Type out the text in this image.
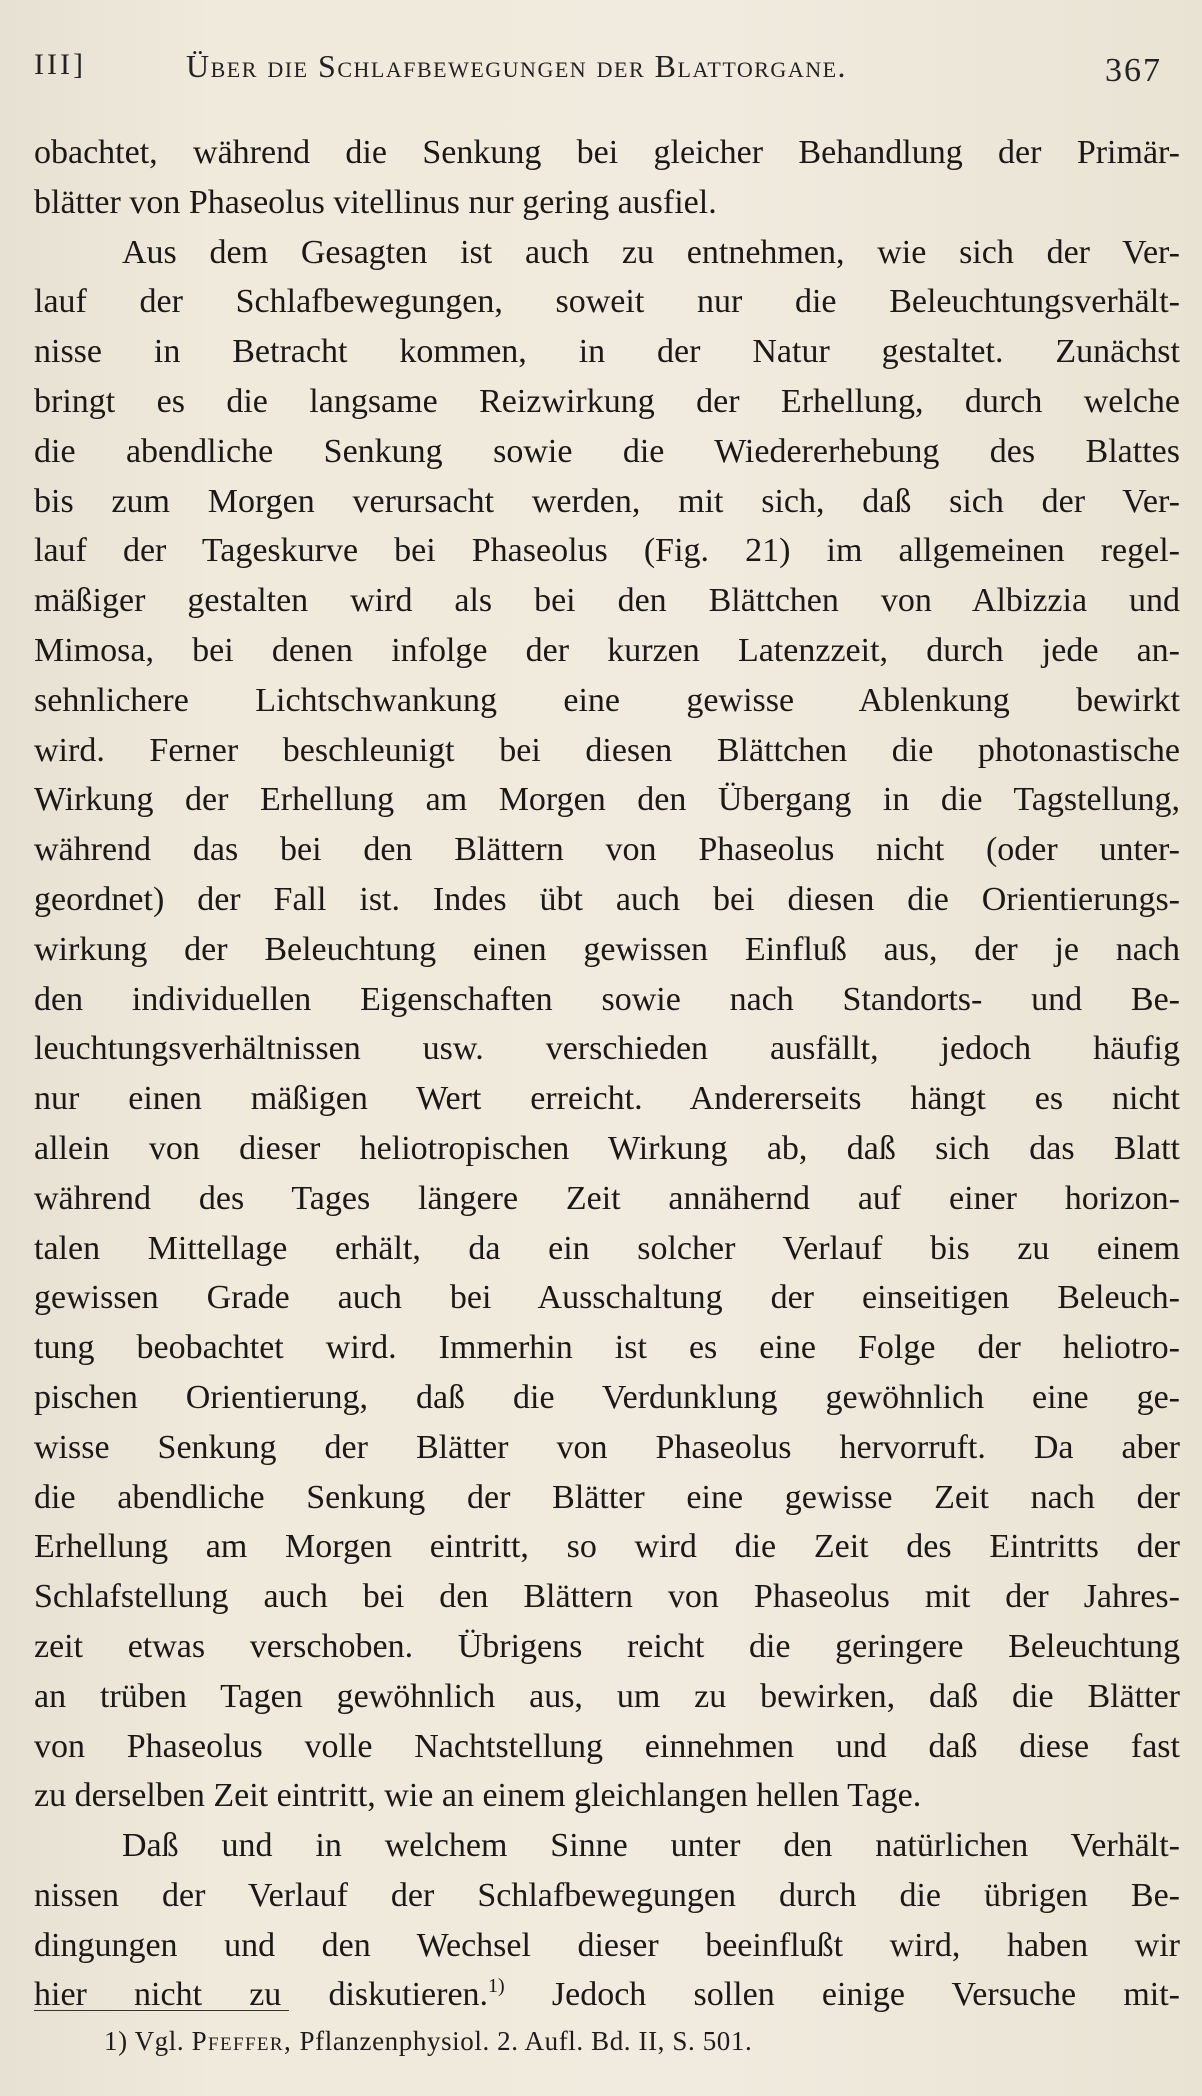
III]	Über die Schlafbewegungen der Blattorgane.	367
obachtet, während die Senkung bei gleicher Behandlung der Primär-
blätter von Phaseolus vitellinus nur gering ausfiel.
Aus dem Gesagten ist auch zu entnehmen, wie sich der Ver-
lauf der Schlafbewegungen, soweit nur die Beleuchtungsverhält-
nisse in Betracht kommen, in der Natur gestaltet. Zunächst
bringt es die langsame Reizwirkung der Erhellung, durch welche
die abendliche Senkung sowie die Wiedererhebung des Blattes
bis zum Morgen verursacht werden, mit sich, daß sich der Ver-
lauf der Tageskurve bei Phaseolus (Fig. 21) im allgemeinen regel-
mäßiger gestalten wird als bei den Blättchen von Albizzia und
Mimosa, bei denen infolge der kurzen Latenzzeit, durch jede an-
sehnlichere Lichtschwankung eine gewisse Ablenkung bewirkt
wird. Ferner beschleunigt bei diesen Blättchen die photonastische
Wirkung der Erhellung am Morgen den Übergang in die Tagstellung,
während das bei den Blättern von Phaseolus nicht (oder unter-
geordnet) der Fall ist. Indes übt auch bei diesen die Orientierungs-
wirkung der Beleuchtung einen gewissen Einfluß aus, der je nach
den individuellen Eigenschaften sowie nach Standorts- und Be-
leuchtungsverhältnissen usw. verschieden ausfällt, jedoch häufig
nur einen mäßigen Wert erreicht. Andererseits hängt es nicht
allein von dieser heliotropischen Wirkung ab, daß sich das Blatt
während des Tages längere Zeit annähernd auf einer horizon-
talen Mittellage erhält, da ein solcher Verlauf bis zu einem
gewissen Grade auch bei Ausschaltung der einseitigen Beleuch-
tung beobachtet wird. Immerhin ist es eine Folge der heliotro-
pischen Orientierung, daß die Verdunklung gewöhnlich eine ge-
wisse Senkung der Blätter von Phaseolus hervorruft. Da aber
die abendliche Senkung der Blätter eine gewisse Zeit nach der
Erhellung am Morgen eintritt, so wird die Zeit des Eintritts der
Schlafstellung auch bei den Blättern von Phaseolus mit der Jahres-
zeit etwas verschoben. Übrigens reicht die geringere Beleuchtung
an trüben Tagen gewöhnlich aus, um zu bewirken, daß die Blätter
von Phaseolus volle Nachtstellung einnehmen und daß diese fast
zu derselben Zeit eintritt, wie an einem gleichlangen hellen Tage.
Daß und in welchem Sinne unter den natürlichen Verhält-
nissen der Verlauf der Schlafbewegungen durch die übrigen Be-
dingungen und den Wechsel dieser beeinflußt wird, haben wir
hier nicht zu diskutieren.$^{1)}$ Jedoch sollen einige Versuche mit-
1) Vgl. Pfeffer, Pflanzenphysiol. 2. Aufl. Bd. II, S. 501.
